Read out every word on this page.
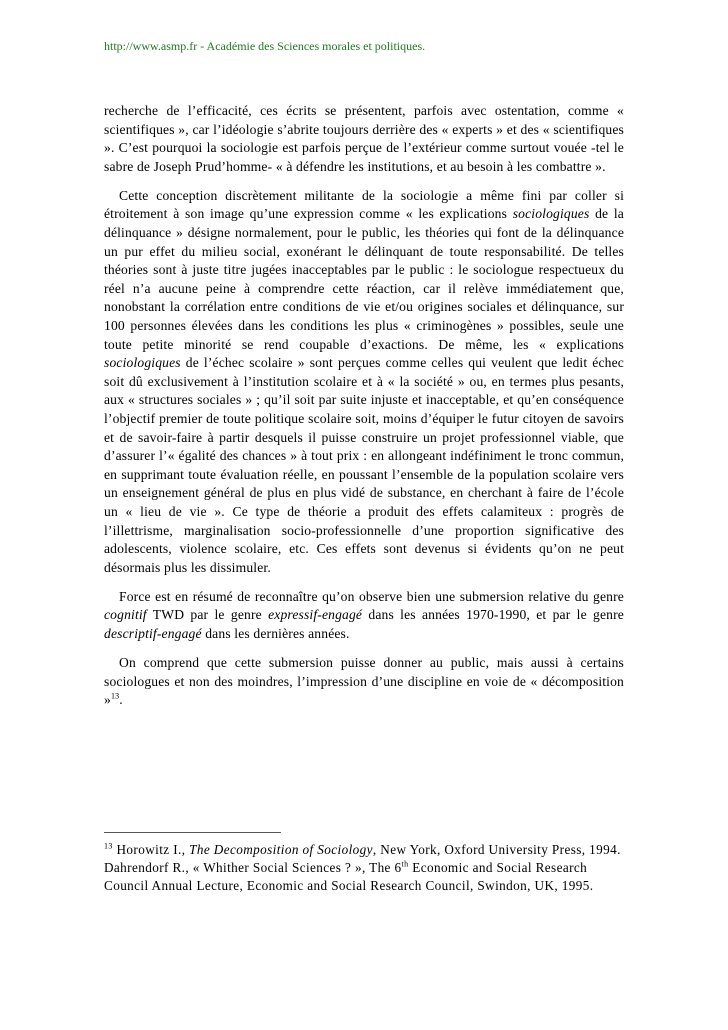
http://www.asmp.fr - Académie des Sciences morales et politiques.

recherche de l’efficacité, ces écrits se présentent, parfois avec ostentation, comme « scientifiques », car l’idéologie s’abrite toujours derrière des « experts » et des « scientifiques ». C’est pourquoi la sociologie est parfois perçue de l’extérieur comme surtout vouée -tel le sabre de Joseph Prud’homme- « à défendre les institutions, et au besoin à les combattre ».

Cette conception discrètement militante de la sociologie a même fini par coller si étroitement à son image qu’une expression comme « les explications sociologiques de la délinquance » désigne normalement, pour le public, les théories qui font de la délinquance un pur effet du milieu social, exonérant le délinquant de toute responsabilité. De telles théories sont à juste titre jugées inacceptables par le public : le sociologue respectueux du réel n’a aucune peine à comprendre cette réaction, car il relève immédiatement que, nonobstant la corrélation entre conditions de vie et/ou origines sociales et délinquance, sur 100 personnes élevées dans les conditions les plus « criminogènes » possibles, seule une toute petite minorité se rend coupable d’exactions. De même, les « explications sociologiques de l’échec scolaire » sont perçues comme celles qui veulent que ledit échec soit dû exclusivement à l’institution scolaire et à « la société » ou, en termes plus pesants, aux « structures sociales » ; qu’il soit par suite injuste et inacceptable, et qu’en conséquence l’objectif premier de toute politique scolaire soit, moins d’équiper le futur citoyen de savoirs et de savoir-faire à partir desquels il puisse construire un projet professionnel viable, que d’assurer l’« égalité des chances » à tout prix : en allongeant indéfiniment le tronc commun, en supprimant toute évaluation réelle, en poussant l’ensemble de la population scolaire vers un enseignement général de plus en plus vidé de substance, en cherchant à faire de l’école un « lieu de vie ». Ce type de théorie a produit des effets calamiteux : progrès de l’illettrisme, marginalisation socio-professionnelle d’une proportion significative des adolescents, violence scolaire, etc. Ces effets sont devenus si évidents qu’on ne peut désormais plus les dissimuler.

Force est en résumé de reconnaître qu’on observe bien une submersion relative du genre cognitif TWD par le genre expressif-engagé dans les années 1970-1990, et par le genre descriptif-engagé dans les dernières années.

On comprend que cette submersion puisse donner au public, mais aussi à certains sociologues et non des moindres, l’impression d’une discipline en voie de « décomposition »$^{13}$.

$^{13}$ Horowitz I., The Decomposition of Sociology, New York, Oxford University Press, 1994. Dahrendorf R., « Whither Social Sciences ? », The 6th Economic and Social Research Council Annual Lecture, Economic and Social Research Council, Swindon, UK, 1995.
